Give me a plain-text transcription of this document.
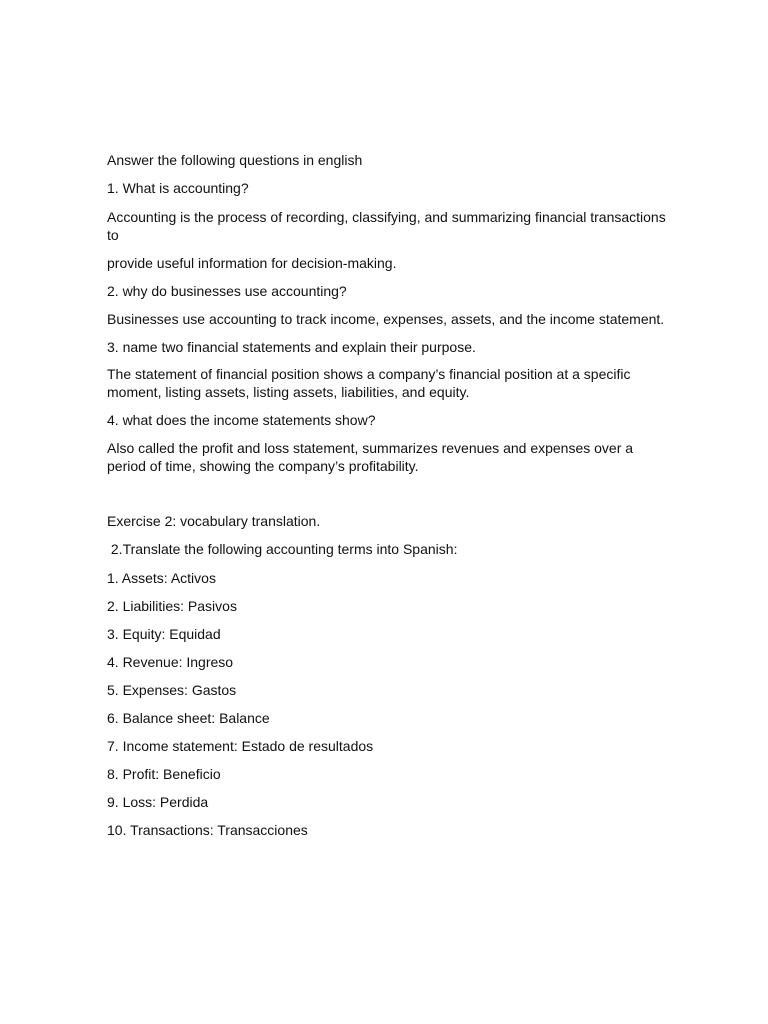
Answer the following questions in english

1. What is accounting?

Accounting is the process of recording, classifying, and summarizing financial transactions
to

provide useful information for decision-making.

2. why do businesses use accounting?

Businesses use accounting to track income, expenses, assets, and the income statement.

3. name two financial statements and explain their purpose.

The statement of financial position shows a company’s financial position at a specific
moment, listing assets, listing assets, liabilities, and equity.

4. what does the income statements show?

Also called the profit and loss statement, summarizes revenues and expenses over a
period of time, showing the company’s profitability.

Exercise 2: vocabulary translation.

2.Translate the following accounting terms into Spanish:

1. Assets: Activos

2. Liabilities: Pasivos

3. Equity: Equidad

4. Revenue: Ingreso

5. Expenses: Gastos

6. Balance sheet: Balance

7. Income statement: Estado de resultados

8. Profit: Beneficio

9. Loss: Perdida

10. Transactions: Transacciones
